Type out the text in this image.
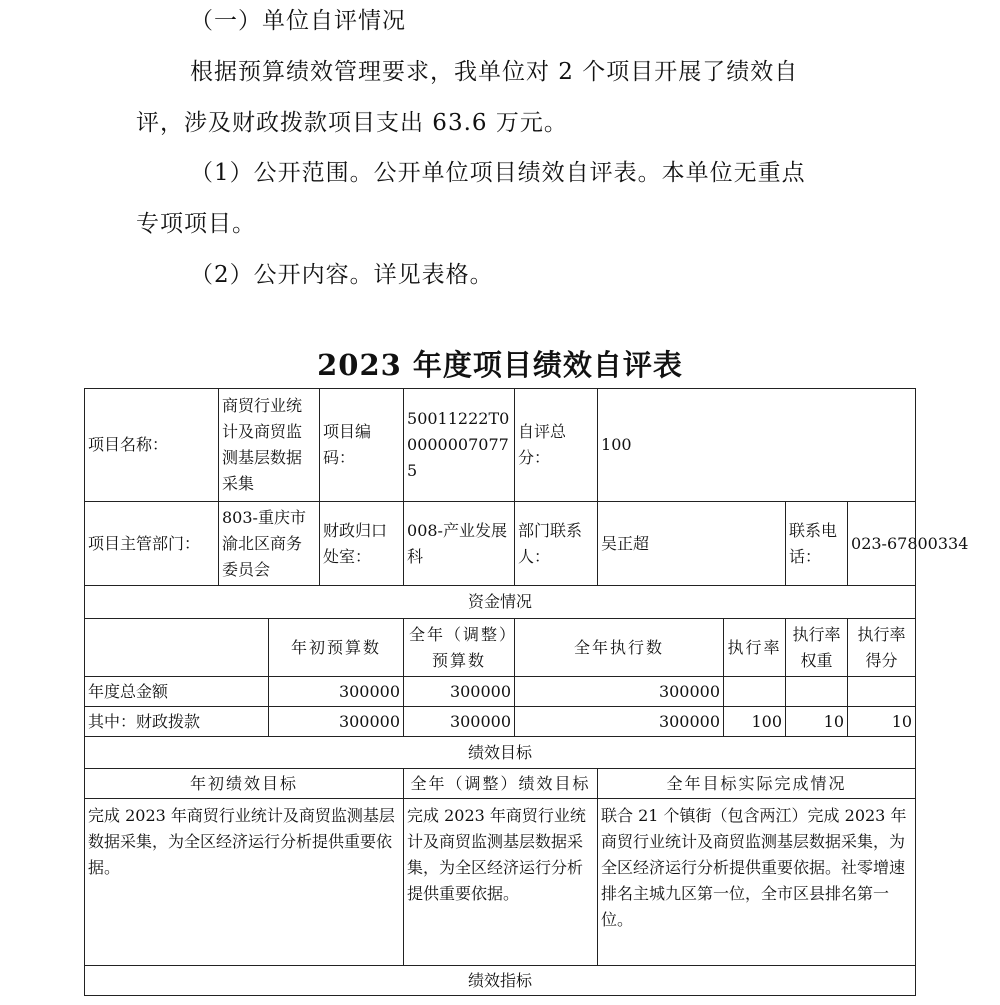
（一）单位自评情况
根据预算绩效管理要求，我单位对 2 个项目开展了绩效自
评，涉及财政拨款项目支出 63.6 万元。
（1）公开范围。公开单位项目绩效自评表。本单位无重点
专项项目。
（2）公开内容。详见表格。
2023 年度项目绩效自评表
项目名称：	商贸行业统计及商贸监测基层数据采集		项目编码：	50011222T000000070775	自评总分：	100			
项目主管部门：	803-重庆市渝北区商务委员会		财政归口处室：	008-产业发展科	部门联系人：	吴正超		联系电话：	023-67800334
资金情况									
		年初预算数		全年（调整）预算数	全年执行数		执行率	执行率权重	执行率得分
年度总金额		300000		300000	300000				
其中：财政拨款		300000		300000	300000		100	10	10
绩效目标									
年初绩效目标				全年（调整）绩效目标		全年目标实际完成情况			
完成 2023 年商贸行业统计及商贸监测基层数据采集，为全区经济运行分析提供重要依据。				完成 2023 年商贸行业统计及商贸监测基层数据采集，为全区经济运行分析提供重要依据。		联合 21 个镇街（包含两江）完成 2023 年商贸行业统计及商贸监测基层数据采集，为全区经济运行分析提供重要依据。社零增速排名主城九区第一位，全市区县排名第一位。			
绩效指标									
